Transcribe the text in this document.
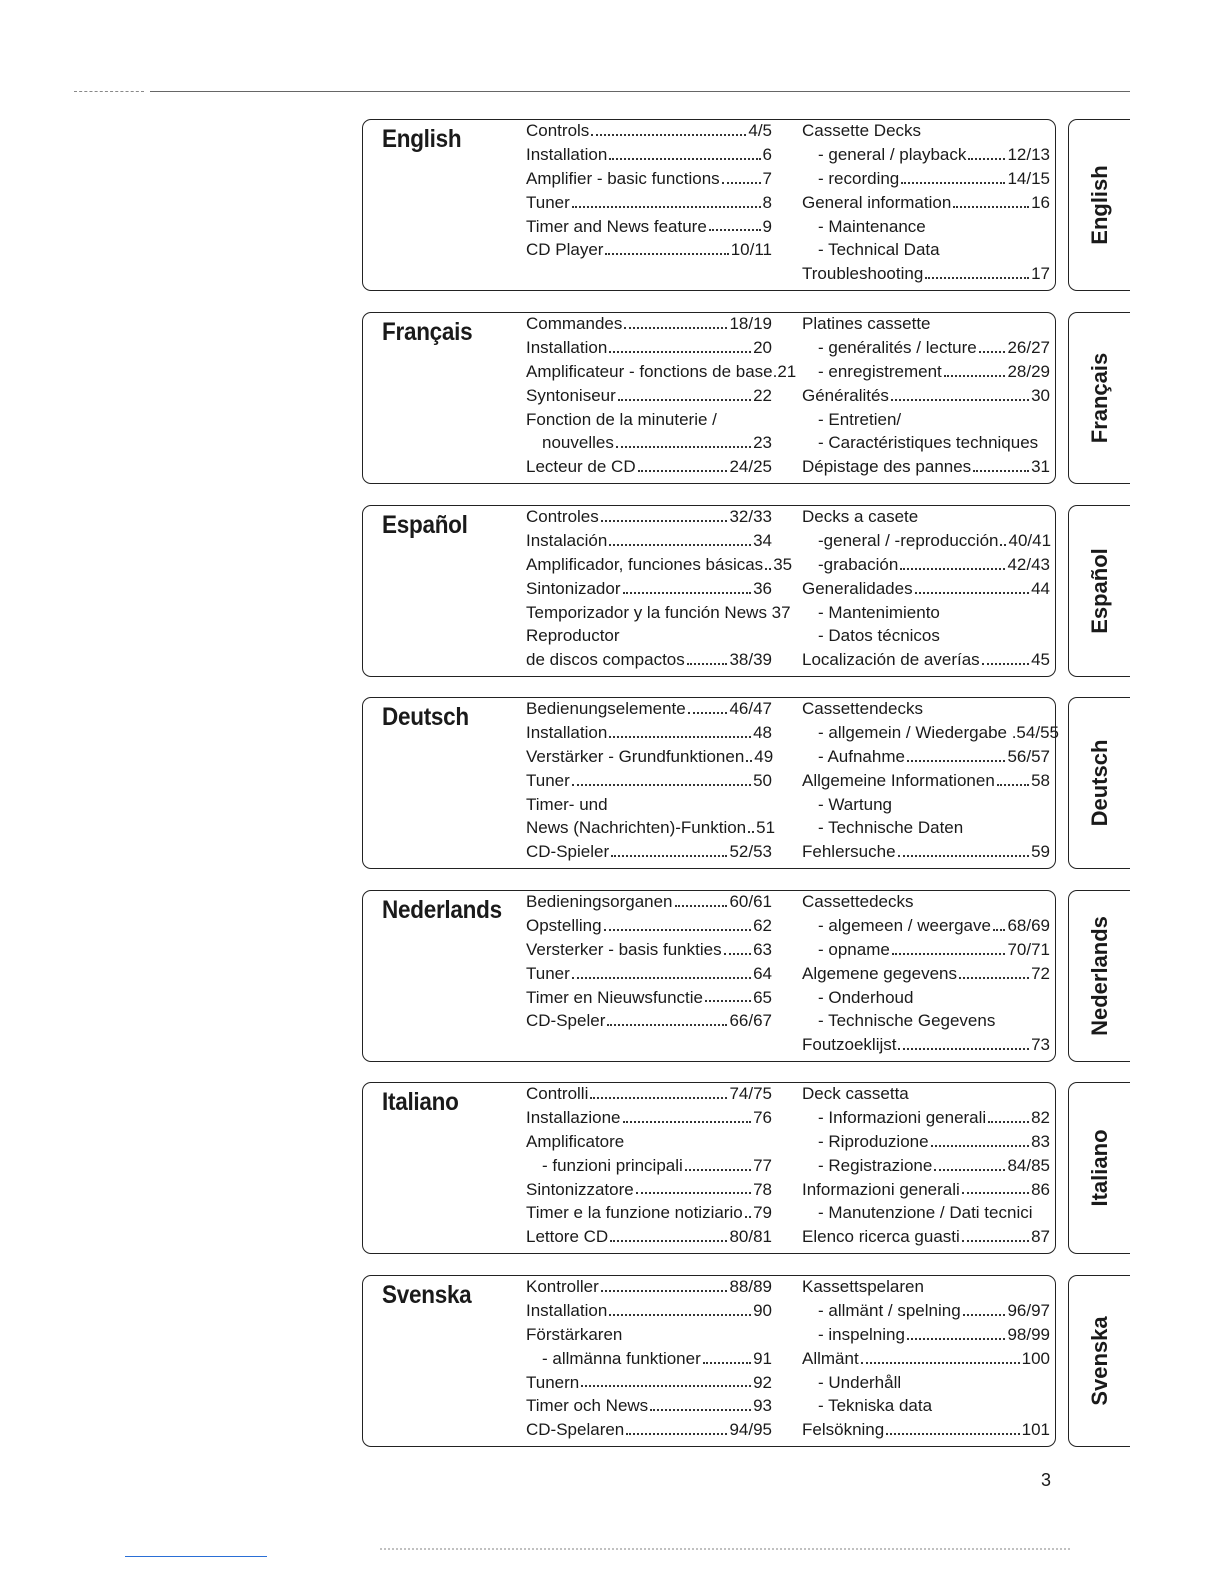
English	Controls	4/5
Installation	6
Amplifier - basic functions	7
Tuner	8
Timer and News feature	9
CD Player	10/11
Cassette Decks
- general / playback 12/13
- recording	14/15
General information	16
- Maintenance
- Technical Data
Troubleshooting	17
English
Français	Commandes	18/19
Installation	20
Amplificateur - fonctions de base.21
Syntoniseur	22
Fonction de la minuterie /
nouvelles	23
Lecteur de CD	24/25
Platines cassette
- genéralités / lecture 26/27
- enregistrement	28/29
Généralités	30
- Entretien/
- Caractéristiques techniques
Dépistage des pannes	31
Français
Español	Controles	32/33
Instalación	34
Amplificador, funciones básicas 35
Sintonizador	36
Temporizador y la función News 37
Reproductor
de discos compactos	38/39
Decks a casete
-general / -reproducción 40/41
-grabación	42/43
Generalidades	44
- Mantenimiento
- Datos técnicos
Localización de averías	45
Español
Deutsch	Bedienungselemente	46/47
Installation	48
Verstärker - Grundfunktionen 49
Tuner	50
Timer- und
News (Nachrichten)-Funktion 51
CD-Spieler	52/53
Cassettendecks
- allgemein / Wiedergabe .54/55
- Aufnahme	56/57
Allgemeine Informationen 58
- Wartung
- Technische Daten
Fehlersuche	59
Deutsch
Nederlands Bedieningsorganen	60/61
Opstelling	62
Versterker - basis funkties 63
Tuner	64
Timer en Nieuwsfunctie	65
CD-Speler	66/67
Cassettedecks
- algemeen / weergave 68/69
- opname	70/71
Algemene gegevens	72
- Onderhoud
- Technische Gegevens
Foutzoeklijst	73
Nederlands
Italiano	Controlli	74/75
Installazione	76
Amplificatore
- funzioni principali	77
Sintonizzatore	78
Timer e la funzione notiziario 79
Lettore CD	80/81
Deck cassetta
- Informazioni generali	82
- Riproduzione	83
- Registrazione	84/85
Informazioni generali	86
- Manutenzione / Dati tecnici
Elenco ricerca guasti	87
Italiano
Svenska	Kontroller	88/89
Installation	90
Förstärkaren
- allmänna funktioner	91
Tunern	92
Timer och News	93
CD-Spelaren	94/95
Kassettspelaren
- allmänt / spelning	96/97
- inspelning	98/99
Allmänt	100
- Underhåll
- Tekniska data
Felsökning	101
Svenska
3
